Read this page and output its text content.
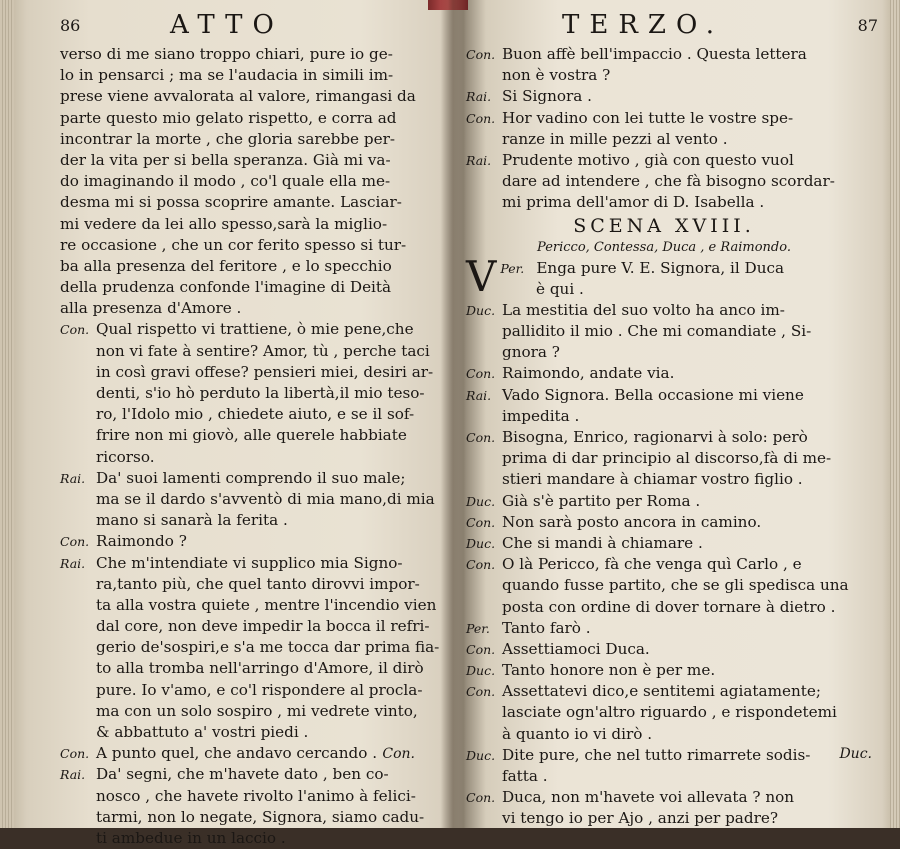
86	ATTO
verso di me siano troppo chiari, pure io ge-
lo in pensarci ; ma se l'audacia in simili im-
prese viene avvalorata al valore, rimangasi da
parte questo mio gelato rispetto, e corra ad
incontrar la morte , che gloria sarebbe per-
der la vita per si bella speranza. Già mi va-
do imaginando il modo , co'l quale ella me-
desma mi si possa scoprire amante. Lasciar-
mi vedere da lei allo spesso,sarà la miglio-
re occasione , che un cor ferito spesso si tur-
ba alla presenza del feritore , e lo specchio
della prudenza confonde l'imagine di Deità
alla presenza d'Amore .
Con. Qual rispetto vi trattiene, ò mie pene,che
non vi fate à sentire? Amor, tù , perche taci
in così gravi offese? pensieri miei, desiri ar-
denti, s'io hò perduto la libertà,il mio teso-
ro, l'Idolo mio , chiedete aiuto, e se il sof-
frire non mi giovò, alle querele habbiate
ricorso.
Rai. Da' suoi lamenti comprendo il suo male;
ma se il dardo s'avventò di mia mano,di mia
mano si sanarà la ferita .
Con. Raimondo ?
Rai. Che m'intendiate vi supplico mia Signo-
ra,tanto più, che quel tanto dirovvi impor-
ta alla vostra quiete , mentre l'incendio vien
dal core, non deve impedir la bocca il refri-
gerio de'sospiri,e s'a me tocca dar prima fia-
to alla tromba nell'arringo d'Amore, il dirò
pure. Io v'amo, e co'l rispondere al procla-
ma con un solo sospiro , mi vedrete vinto,
& abbattuto a' vostri piedi .
Con. A punto quel, che andavo cercando .
Rai. Da' segni, che m'havete dato , ben co-
nosco , che havete rivolto l'animo à felici-
tarmi, non lo negate, Signora, siamo cadu-
ti ambedue in un laccio .
Con.
TERZO.	87
Con. Buon affè bell'impaccio . Questa lettera
non è vostra ?
Rai. Si Signora .
Con. Hor vadino con lei tutte le vostre spe-
ranze in mille pezzi al vento .
Rai. Prudente motivo , già con questo vuol
dare ad intendere , che fà bisogno scordar-
mi prima dell'amor di D. Isabella .
SCENA XVIII.
Pericco, Contessa, Duca , e Raimondo.
Per.
V	Enga pure V. E. Signora, il Duca
è qui .
Duc. La mestitia del suo volto ha anco im-
pallidito il mio . Che mi comandiate , Si-
gnora ?
Con. Raimondo, andate via.
Rai. Vado Signora. Bella occasione mi viene
impedita .
Con. Bisogna, Enrico, ragionarvi à solo: però
prima di dar principio al discorso,fà di me-
stieri mandare à chiamar vostro figlio .
Duc. Già s'è partito per Roma .
Con. Non sarà posto ancora in camino.
Duc. Che si mandi à chiamare .
Con. O là Pericco, fà che venga quì Carlo , e
quando fusse partito, che se gli spedisca una
posta con ordine di dover tornare à dietro .
Per. Tanto farò .
Con. Assettiamoci Duca.
Duc. Tanto honore non è per me.
Con. Assettatevi dico,e sentitemi agiatamente;
lasciate ogn'altro riguardo , e rispondetemi
à quanto io vi dirò .
Duc. Dite pure, che nel tutto rimarrete sodis-
fatta .
Con. Duca, non m'havete voi allevata ? non
vi tengo io per Ajo , anzi per padre?
Duc.
